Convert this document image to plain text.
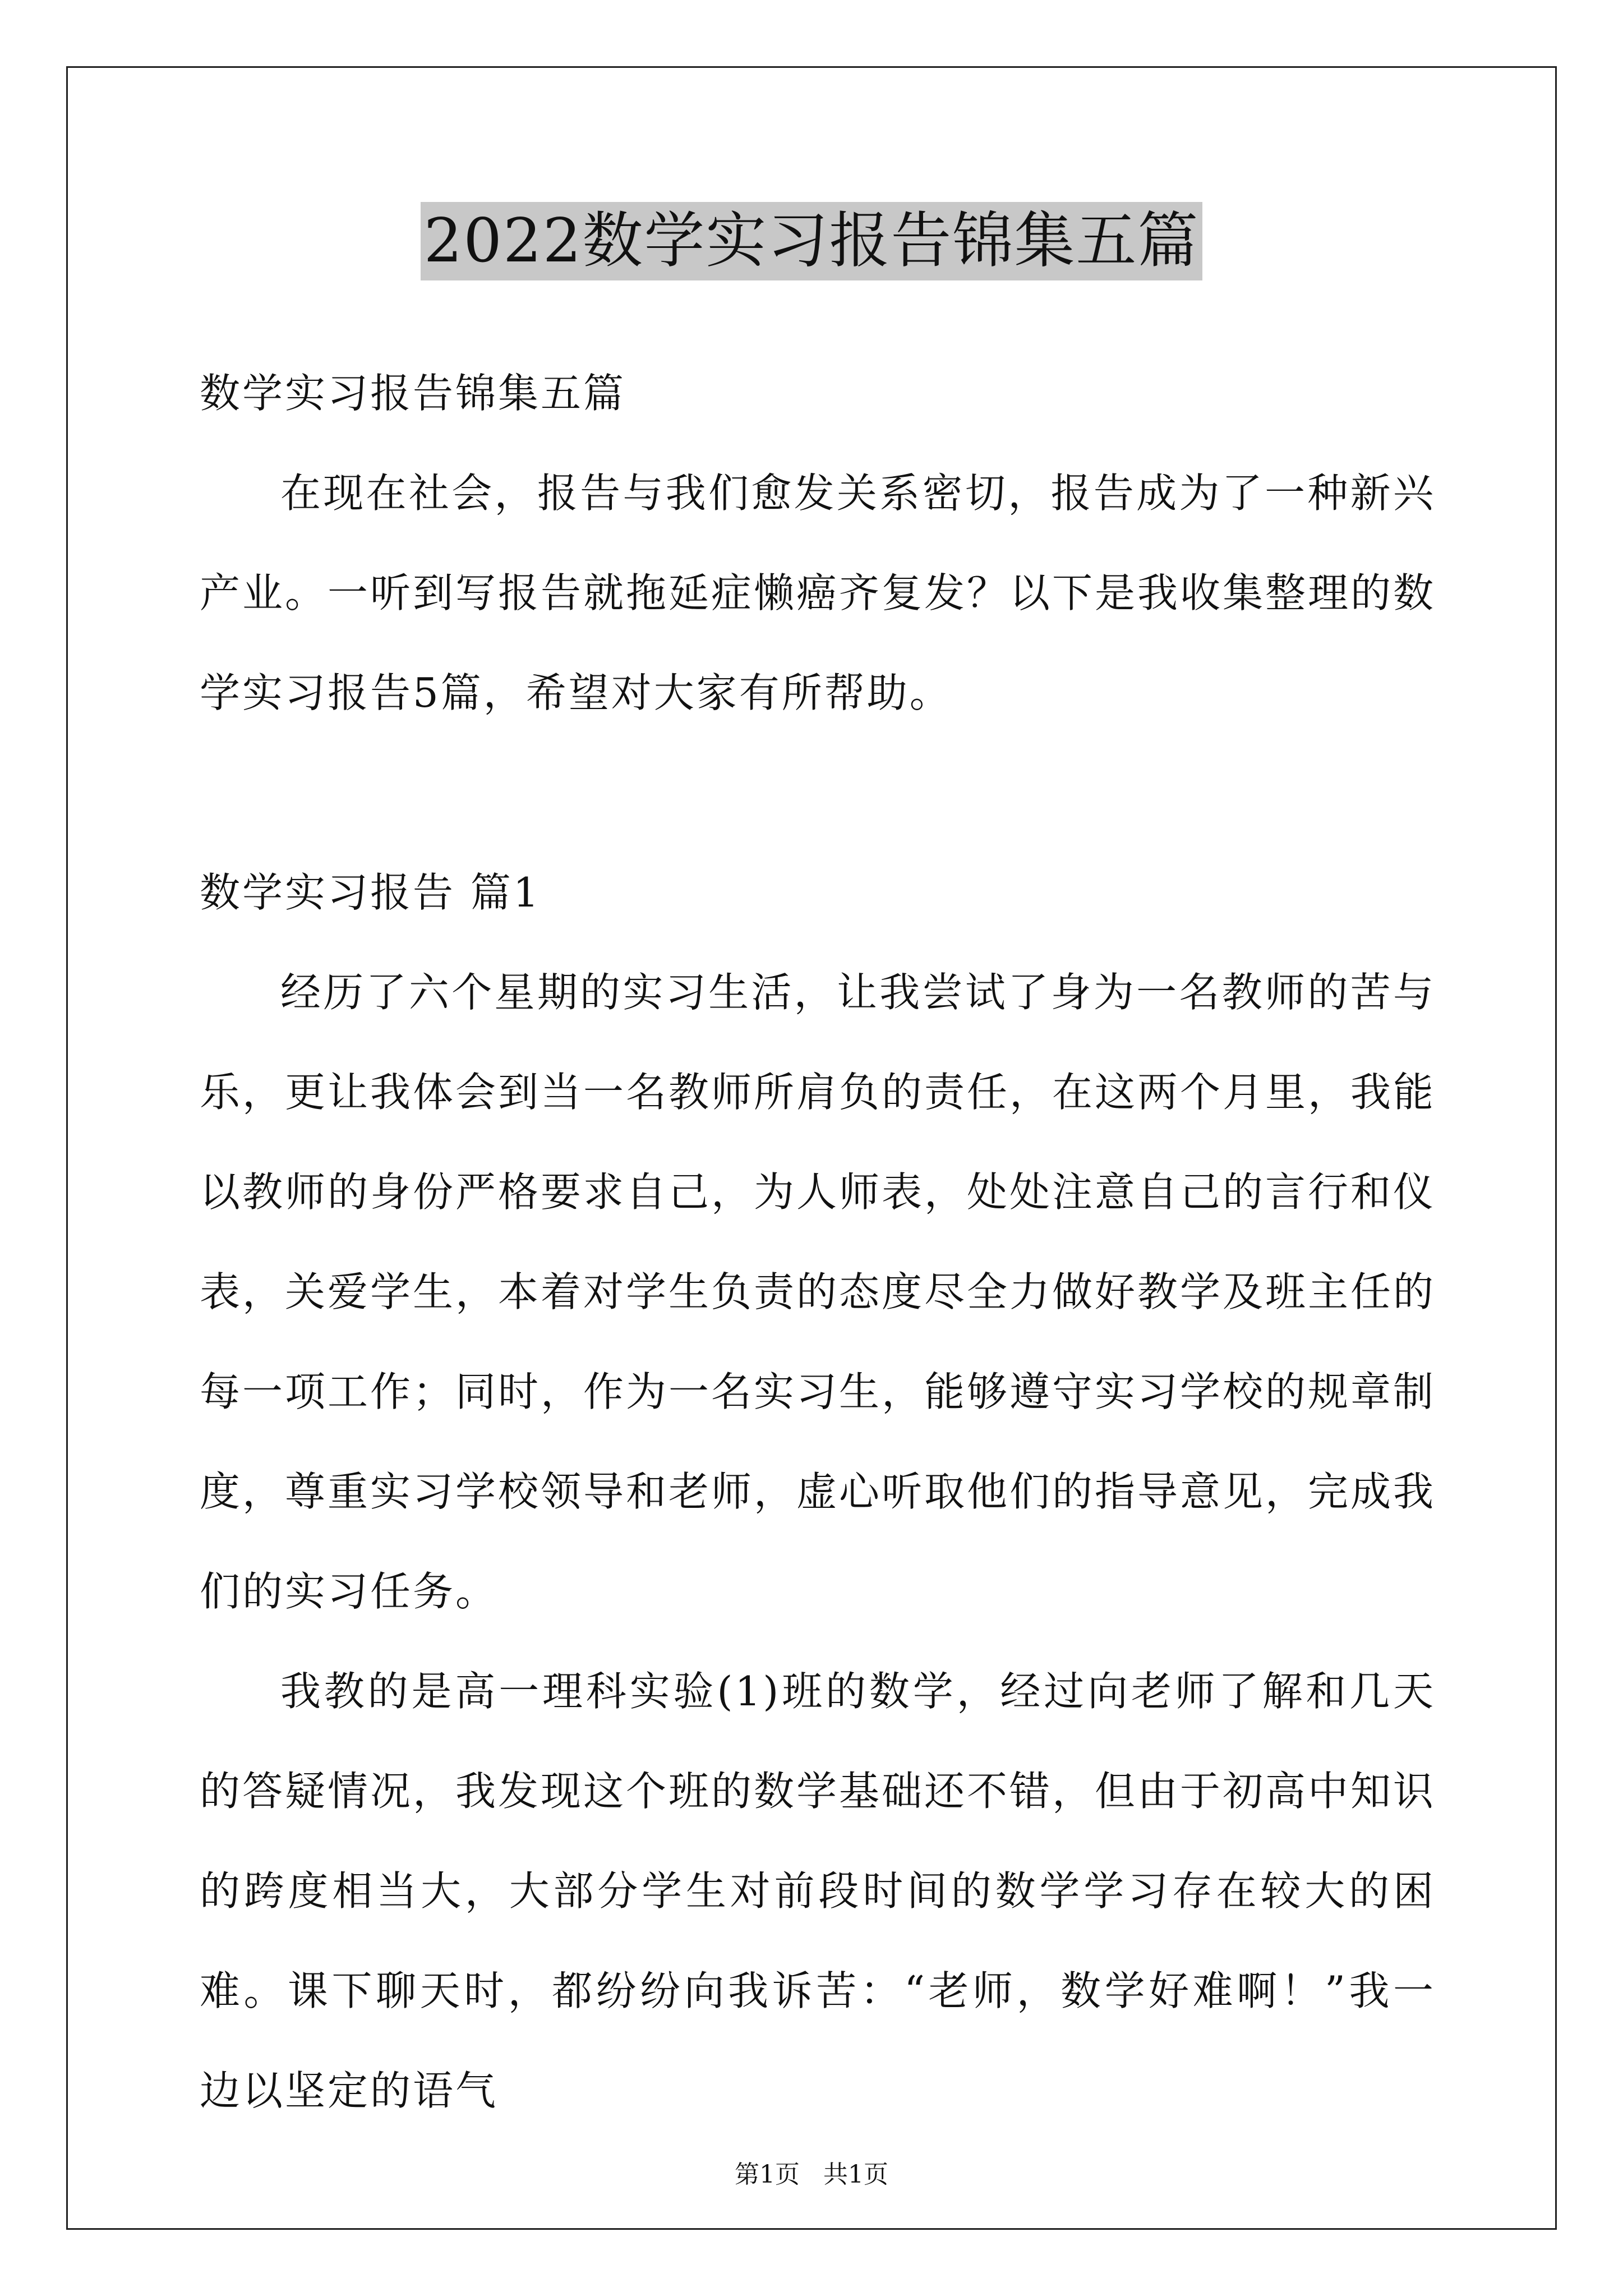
2022数学实习报告锦集五篇

数学实习报告锦集五篇

在现在社会，报告与我们愈发关系密切，报告成为了一种新兴产业。一听到写报告就拖延症懒癌齐复发？以下是我收集整理的数学实习报告5篇，希望对大家有所帮助。

数学实习报告 篇1

经历了六个星期的实习生活，让我尝试了身为一名教师的苦与乐，更让我体会到当一名教师所肩负的责任，在这两个月里，我能以教师的身份严格要求自己，为人师表，处处注意自己的言行和仪表，关爱学生，本着对学生负责的态度尽全力做好教学及班主任的每一项工作；同时，作为一名实习生，能够遵守实习学校的规章制度，尊重实习学校领导和老师，虚心听取他们的指导意见，完成我们的实习任务。

我教的是高一理科实验(1)班的数学，经过向老师了解和几天的答疑情况，我发现这个班的数学基础还不错，但由于初高中知识的跨度相当大，大部分学生对前段时间的数学学习存在较大的困难。课下聊天时，都纷纷向我诉苦：“老师，数学好难啊！”我一边以坚定的语气

第1页 共1页
